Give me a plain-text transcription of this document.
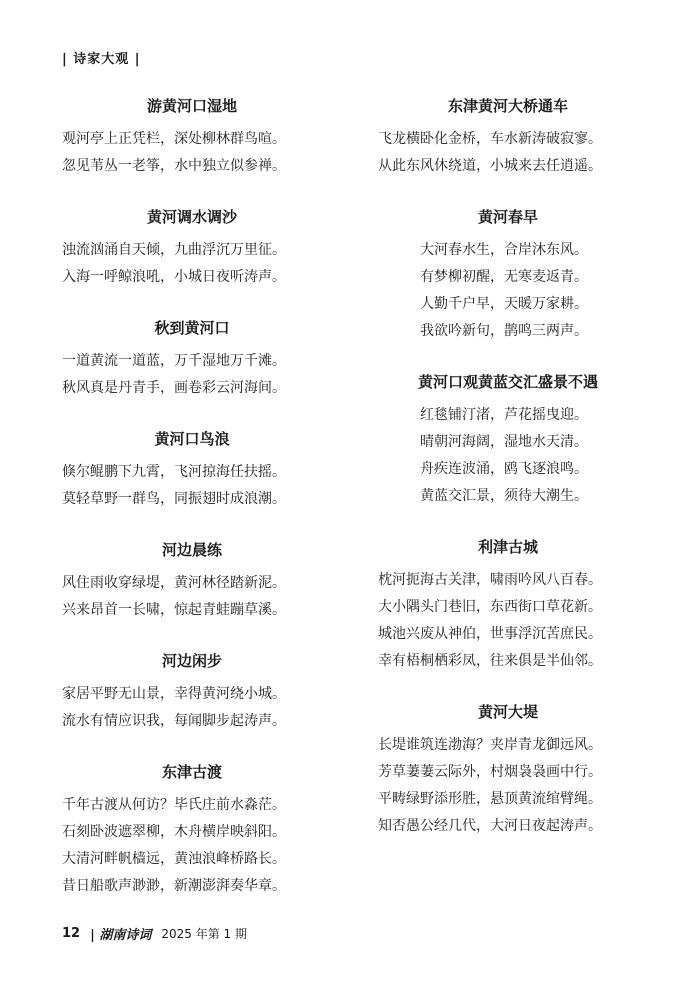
| 诗家大观 |
游黄河口湿地
观河亭上正凭栏，深处柳林群鸟喧。
忽见苇丛一老筝，水中独立似参禅。
黄河调水调沙
浊流汹涌自天倾，九曲浮沉万里征。
入海一呼鲸浪吼，小城日夜听涛声。
秋到黄河口
一道黄流一道蓝，万千湿地万千滩。
秋风真是丹青手，画卷彩云河海间。
黄河口鸟浪
倏尔鲲鹏下九霄，飞河掠海任扶摇。
莫轻草野一群鸟，同振翅时成浪潮。
河边晨练
风住雨收穿绿堤，黄河林径踏新泥。
兴来昂首一长啸，惊起青蛙蹦草溪。
河边闲步
家居平野无山景，幸得黄河绕小城。
流水有情应识我，每闻脚步起涛声。
东津古渡
千年古渡从何访？毕氏庄前水淼茫。
石刻卧波遮翠柳，木舟横岸映斜阳。
大清河畔帆樯远，黄浊浪峰桥路长。
昔日船歌声渺渺，新潮澎湃奏华章。
东津黄河大桥通车
飞龙横卧化金桥，车水新涛破寂寥。
从此东风休绕道，小城来去任逍遥。
黄河春早
大河春水生，合岸沐东风。
有梦柳初醒，无寒麦返青。
人勤千户早，天暖万家耕。
我欲吟新句，鹊鸣三两声。
黄河口观黄蓝交汇盛景不遇
红毯铺汀渚，芦花摇曳迎。
晴朝河海阔，湿地水天清。
舟疾连波涌，鸥飞逐浪鸣。
黄蓝交汇景，须待大潮生。
利津古城
枕河扼海古关津，啸雨吟风八百春。
大小隅头门巷旧，东西街口草花新。
城池兴废从神伯，世事浮沉苦庶民。
幸有梧桐栖彩凤，往来俱是半仙邻。
黄河大堤
长堤谁筑连渤海？夹岸青龙御远风。
芳草萋萋云际外，村烟袅袅画中行。
平畴绿野添形胜，悬顶黄流绾臂绳。
知否愚公经几代，大河日夜起涛声。
12 | 湖南诗词 2025 年第 1 期
